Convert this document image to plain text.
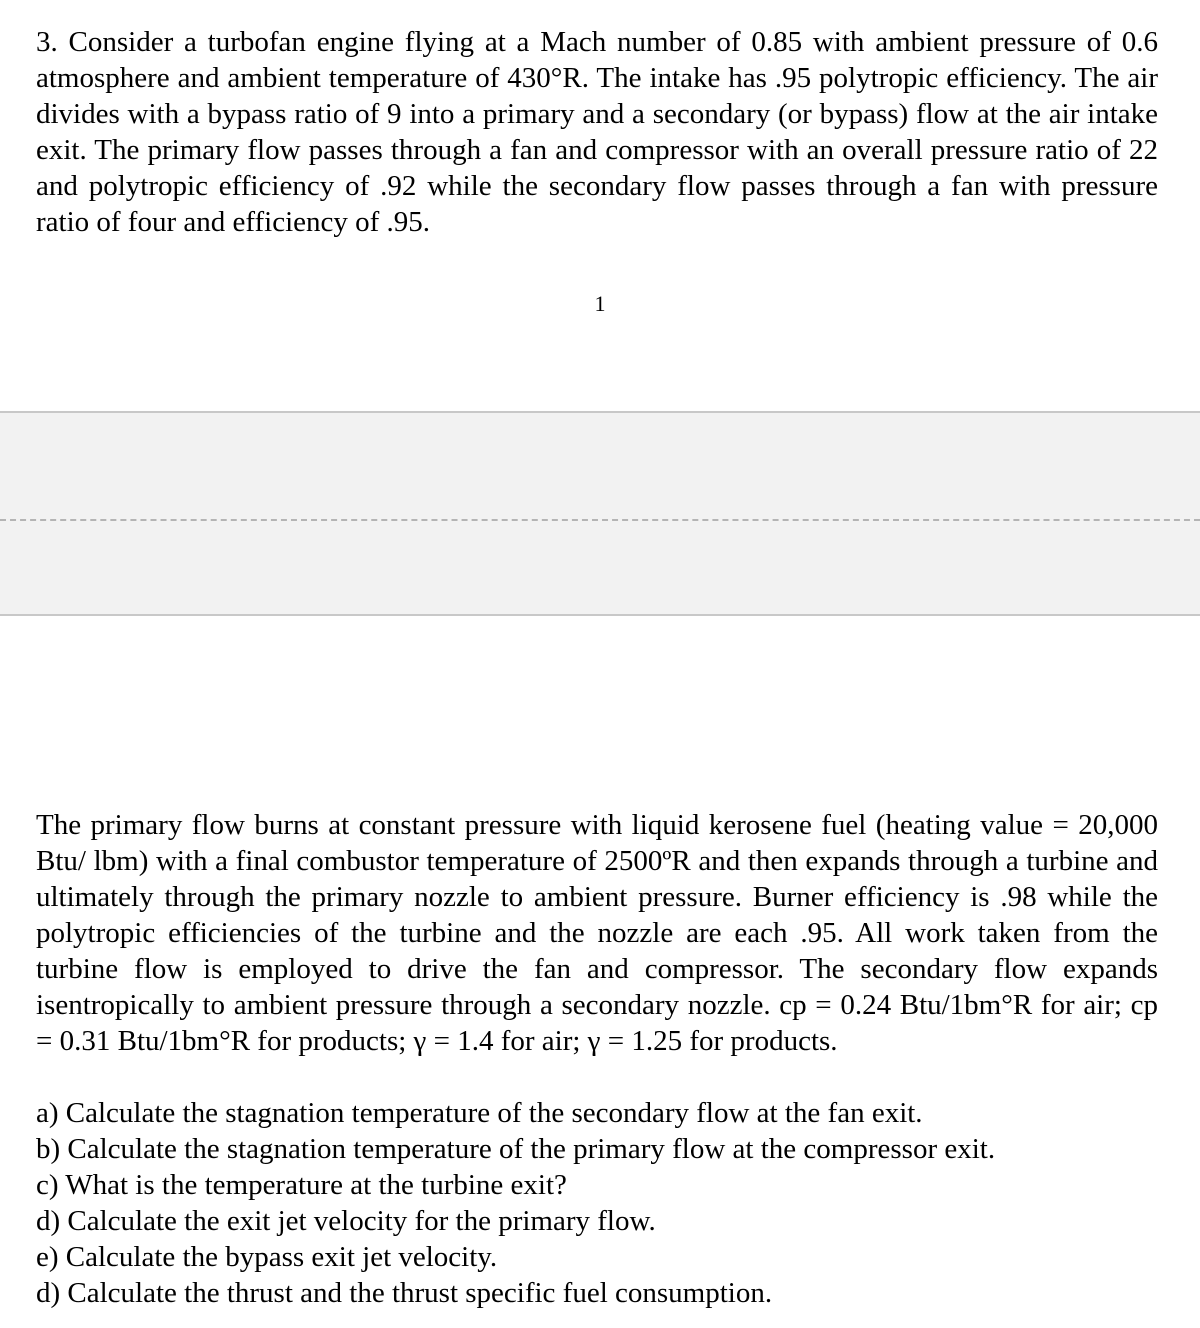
3. Consider a turbofan engine flying at a Mach number of 0.85 with ambient pressure of 0.6 atmosphere and ambient temperature of 430°R. The intake has .95 polytropic efficiency. The air divides with a bypass ratio of 9 into a primary and a secondary (or bypass) flow at the air intake exit. The primary flow passes through a fan and compressor with an overall pressure ratio of 22 and polytropic efficiency of .92 while the secondary flow passes through a fan with pressure ratio of four and efficiency of .95.

1

The primary flow burns at constant pressure with liquid kerosene fuel (heating value = 20,000 Btu/ lbm) with a final combustor temperature of 2500ºR and then expands through a turbine and ultimately through the primary nozzle to ambient pressure. Burner efficiency is .98 while the polytropic efficiencies of the turbine and the nozzle are each .95. All work taken from the turbine flow is employed to drive the fan and compressor. The secondary flow expands isentropically to ambient pressure through a secondary nozzle. cp = 0.24 Btu/1bm°R for air; cp = 0.31 Btu/1bm°R for products; γ = 1.4 for air; γ = 1.25 for products.

a) Calculate the stagnation temperature of the secondary flow at the fan exit.
b) Calculate the stagnation temperature of the primary flow at the compressor exit.
c) What is the temperature at the turbine exit?
d) Calculate the exit jet velocity for the primary flow.
e) Calculate the bypass exit jet velocity.
d) Calculate the thrust and the thrust specific fuel consumption.
